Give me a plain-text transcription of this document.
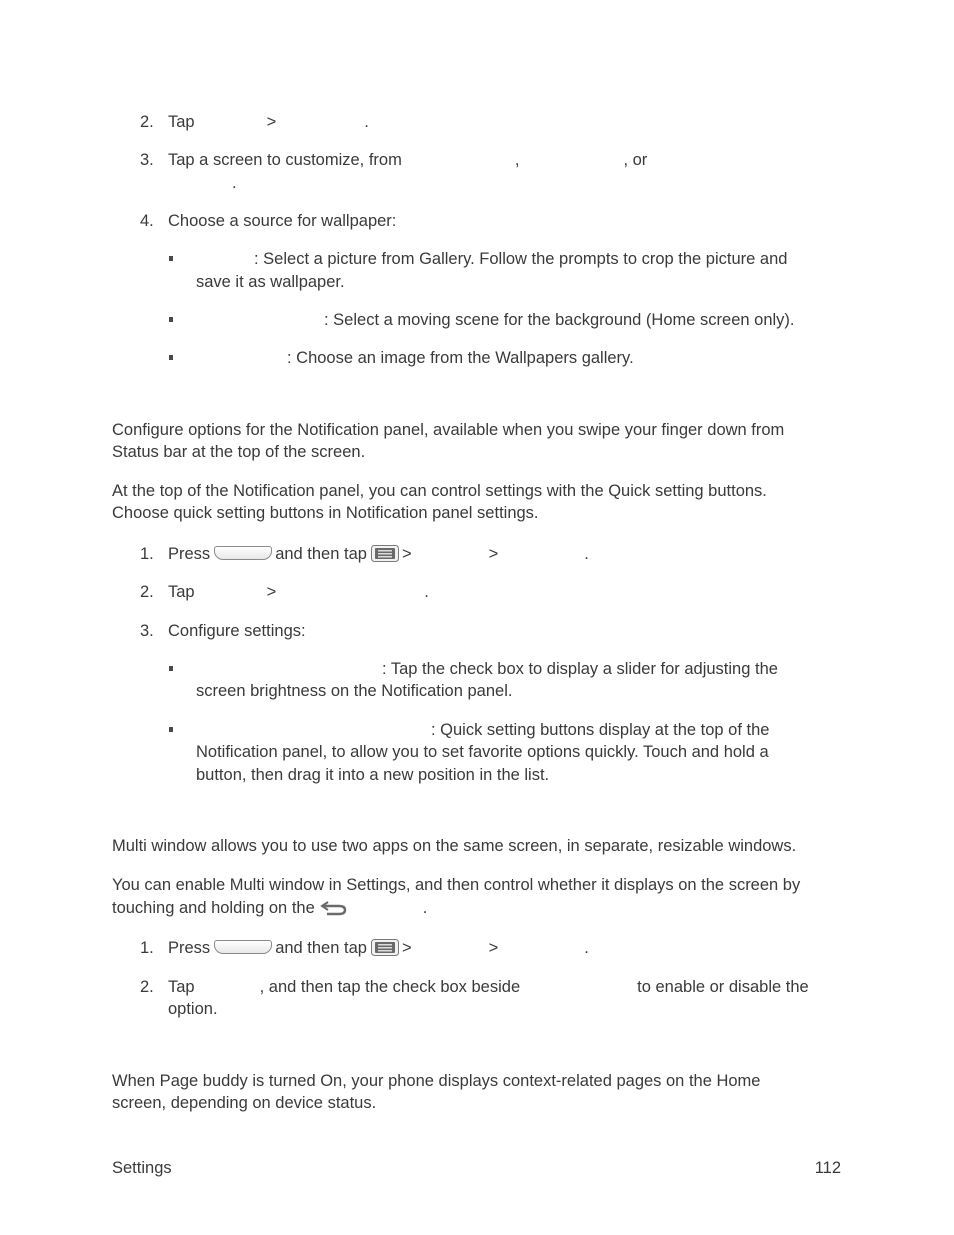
2. Tap	>	.
3. Tap a screen to customize, from	,	, or
.
4. Choose a source for wallpaper:
: Select a picture from Gallery. Follow the prompts to crop the picture and
save it as wallpaper.
: Select a moving scene for the background (Home screen only).
: Choose an image from the Wallpapers gallery.
Configure options for the Notification panel, available when you swipe your finger down from
Status bar at the top of the screen.
At the top of the Notification panel, you can control settings with the Quick setting buttons.
Choose quick setting buttons in Notification panel settings.
1. Press	and then tap >	>	.
2. Tap	>	.
3. Configure settings:
: Tap the check box to display a slider for adjusting the
screen brightness on the Notification panel.
: Quick setting buttons display at the top of the
Notification panel, to allow you to set favorite options quickly. Touch and hold a
button, then drag it into a new position in the list.
Multi window allows you to use two apps on the same screen, in separate, resizable windows.
You can enable Multi window in Settings, and then control whether it displays on the screen by
touching and holding on the	.
1. Press	and then tap >	>	.
2. Tap	, and then tap the check box beside	to enable or disable the
option.
When Page buddy is turned On, your phone displays context-related pages on the Home
screen, depending on device status.
Settings	112
